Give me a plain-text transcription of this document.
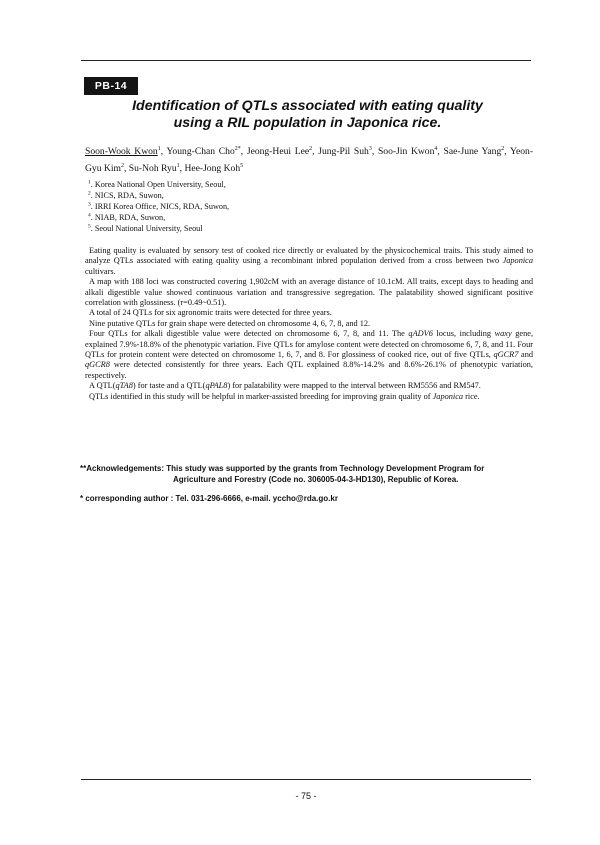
PB-14
Identification of QTLs associated with eating quality
using a RIL population in Japonica rice.
Soon-Wook Kwon$^1$, Young-Chan Cho$^{2*}$, Jeong-Heui Lee$^2$, Jung-Pil Suh$^3$, Soo-Jin Kwon$^4$, Sae-June Yang$^2$, Yeon-Gyu Kim$^2$, Su-Noh Ryu$^1$, Hee-Jong Koh$^5$
$^1$. Korea National Open University, Seoul,
$^2$. NICS, RDA, Suwon,
$^3$. IRRI Korea Office, NICS, RDA, Suwon,
$^4$. NIAB, RDA, Suwon,
$^5$. Seoul National University, Seoul

Eating quality is evaluated by sensory test of cooked rice directly or evaluated by the physicochemical traits. This study aimed to analyze QTLs associated with eating quality using a recombinant inbred population derived from a cross between two Japonica cultivars.

A map with 188 loci was constructed covering 1,902cM with an average distance of 10.1cM. All traits, except days to heading and alkali digestible value showed continuous variation and transgressive segregation. The palatability showed significant positive correlation with glossiness. (r=0.49~0.51).

A total of 24 QTLs for six agronomic traits were detected for three years.

Nine putative QTLs for grain shape were detected on chromosome 4, 6, 7, 8, and 12.

Four QTLs for alkali digestible value were detected on chromosome 6, 7, 8, and 11. The qADV6 locus, including waxy gene, explained 7.9%-18.8% of the phenotypic variation. Five QTLs for amylose content were detected on chromosome 6, 7, 8, and 11. Four QTLs for protein content were detected on chromosome 1, 6, 7, and 8. For glossiness of cooked rice, out of five QTLs, qGCR7 and qGCR8 were detected consistently for three years. Each QTL explained 8.8%-14.2% and 8.6%-26.1% of phenotypic variation, respectively.

A QTL(qTA8) for taste and a QTL(qPAL8) for palatability were mapped to the interval between RM5556 and RM547.

QTLs identified in this study will be helpful in marker-assisted breeding for improving grain quality of Japonica rice.

**Acknowledgements: This study was supported by the grants from Technology Development Program for
Agriculture and Forestry (Code no. 306005-04-3-HD130), Republic of Korea.
* corresponding author : Tel. 031-296-6666, e-mail. yccho@rda.go.kr
- 75 -
